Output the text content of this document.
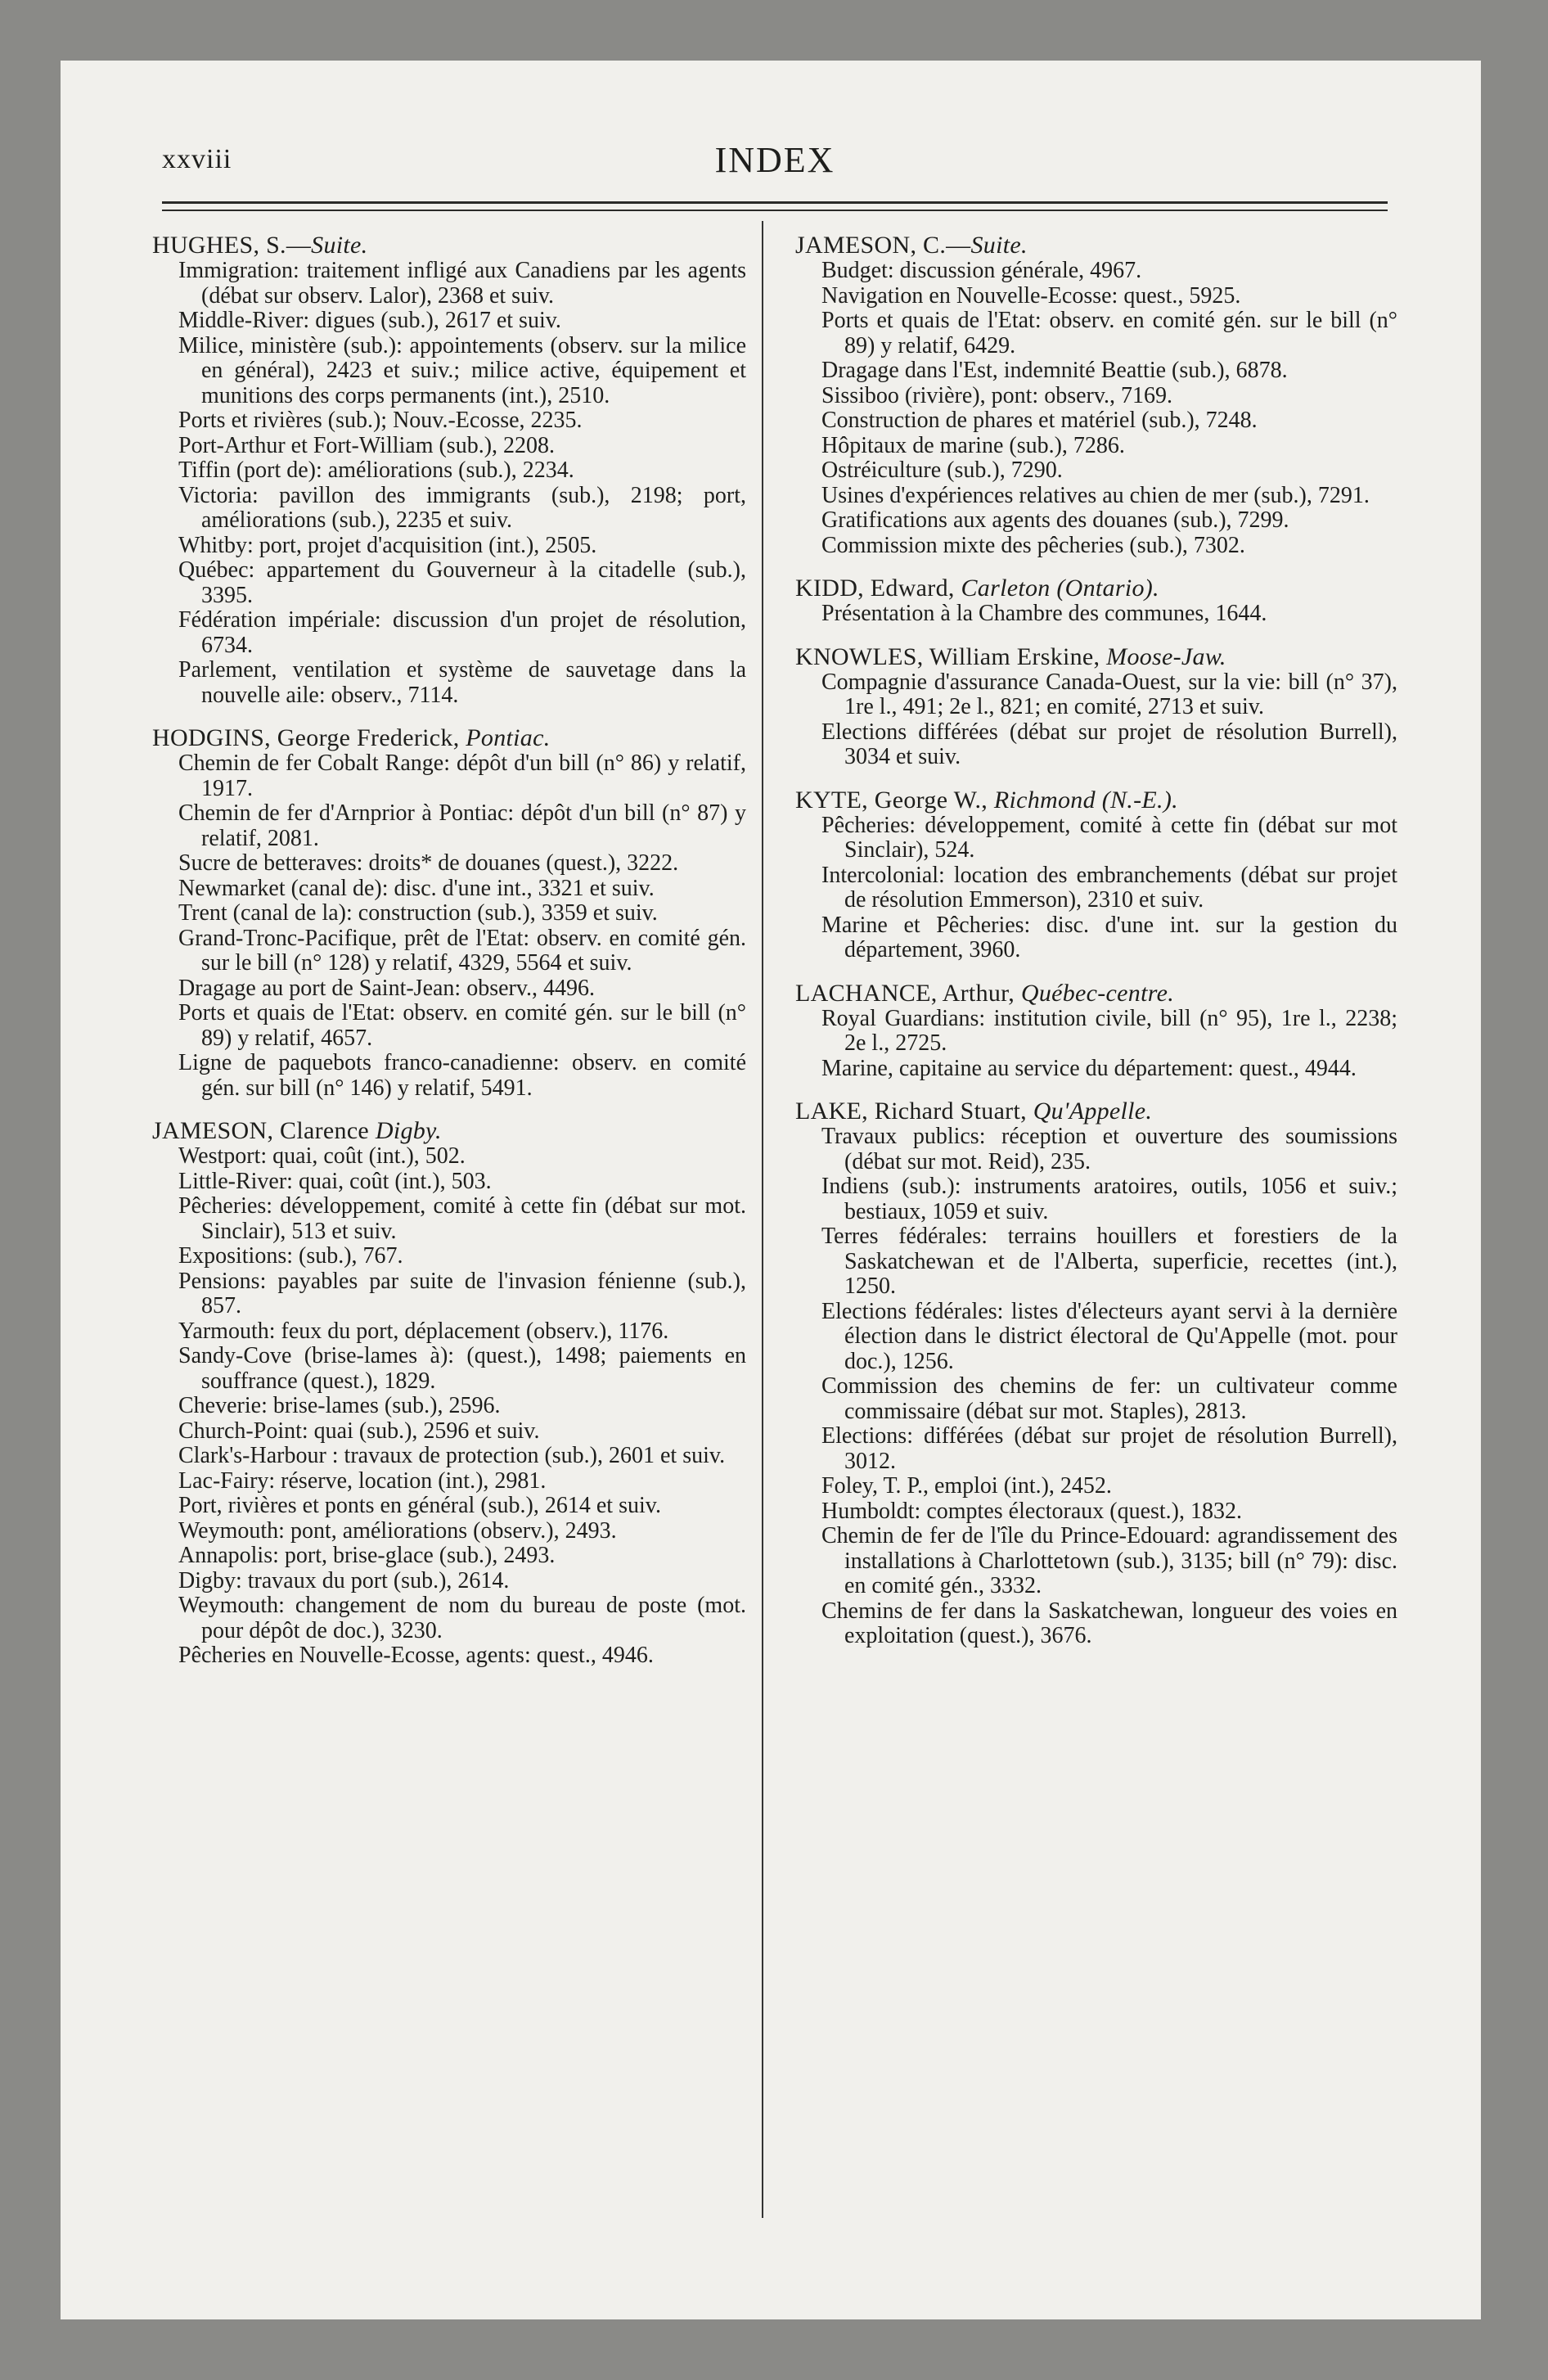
xxviii	INDEX
HUGHES, S.—Suite.
Immigration: traitement infligé aux Canadiens par les agents (débat sur observ. Lalor), 2368 et suiv.
Middle-River: digues (sub.), 2617 et suiv.
Milice, ministère (sub.): appointements (observ. sur la milice en général), 2423 et suiv.; milice active, équipement et munitions des corps permanents (int.), 2510.
Ports et rivières (sub.); Nouv.-Ecosse, 2235.
Port-Arthur et Fort-William (sub.), 2208.
Tiffin (port de): améliorations (sub.), 2234.
Victoria: pavillon des immigrants (sub.), 2198; port, améliorations (sub.), 2235 et suiv.
Whitby: port, projet d'acquisition (int.), 2505.
Québec: appartement du Gouverneur à la citadelle (sub.), 3395.
Fédération impériale: discussion d'un projet de résolution, 6734.
Parlement, ventilation et système de sauvetage dans la nouvelle aile: observ., 7114.
HODGINS, George Frederick, Pontiac.
Chemin de fer Cobalt Range: dépôt d'un bill (n° 86) y relatif, 1917.
Chemin de fer d'Arnprior à Pontiac: dépôt d'un bill (n° 87) y relatif, 2081.
Sucre de betteraves: droits* de douanes (quest.), 3222.
Newmarket (canal de): disc. d'une int., 3321 et suiv.
Trent (canal de la): construction (sub.), 3359 et suiv.
Grand-Tronc-Pacifique, prêt de l'Etat: observ. en comité gén. sur le bill (n° 128) y relatif, 4329, 5564 et suiv.
Dragage au port de Saint-Jean: observ., 4496.
Ports et quais de l'Etat: observ. en comité gén. sur le bill (n° 89) y relatif, 4657.
Ligne de paquebots franco-canadienne: observ. en comité gén. sur bill (n° 146) y relatif, 5491.
JAMESON, Clarence Digby.
Westport: quai, coût (int.), 502.
Little-River: quai, coût (int.), 503.
Pêcheries: développement, comité à cette fin (débat sur mot. Sinclair), 513 et suiv.
Expositions: (sub.), 767.
Pensions: payables par suite de l'invasion fénienne (sub.), 857.
Yarmouth: feux du port, déplacement (observ.), 1176.
Sandy-Cove (brise-lames à): (quest.), 1498; paiements en souffrance (quest.), 1829.
Cheverie: brise-lames (sub.), 2596.
Church-Point: quai (sub.), 2596 et suiv.
Clark's-Harbour : travaux de protection (sub.), 2601 et suiv.
Lac-Fairy: réserve, location (int.), 2981.
Port, rivières et ponts en général (sub.), 2614 et suiv.
Weymouth: pont, améliorations (observ.), 2493.
Annapolis: port, brise-glace (sub.), 2493.
Digby: travaux du port (sub.), 2614.
Weymouth: changement de nom du bureau de poste (mot. pour dépôt de doc.), 3230.
Pêcheries en Nouvelle-Ecosse, agents: quest., 4946.
JAMESON, C.—Suite.
Budget: discussion générale, 4967.
Navigation en Nouvelle-Ecosse: quest., 5925.
Ports et quais de l'Etat: observ. en comité gén. sur le bill (n° 89) y relatif, 6429.
Dragage dans l'Est, indemnité Beattie (sub.), 6878.
Sissiboo (rivière), pont: observ., 7169.
Construction de phares et matériel (sub.), 7248.
Hôpitaux de marine (sub.), 7286.
Ostréiculture (sub.), 7290.
Usines d'expériences relatives au chien de mer (sub.), 7291.
Gratifications aux agents des douanes (sub.), 7299.
Commission mixte des pêcheries (sub.), 7302.
KIDD, Edward, Carleton (Ontario).
Présentation à la Chambre des communes, 1644.
KNOWLES, William Erskine, Moose-Jaw.
Compagnie d'assurance Canada-Ouest, sur la vie: bill (n° 37), 1re l., 491; 2e l., 821; en comité, 2713 et suiv.
Elections différées (débat sur projet de résolution Burrell), 3034 et suiv.
KYTE, George W., Richmond (N.-E.).
Pêcheries: développement, comité à cette fin (débat sur mot Sinclair), 524.
Intercolonial: location des embranchements (débat sur projet de résolution Emmerson), 2310 et suiv.
Marine et Pêcheries: disc. d'une int. sur la gestion du département, 3960.
LACHANCE, Arthur, Québec-centre.
Royal Guardians: institution civile, bill (n° 95), 1re l., 2238; 2e l., 2725.
Marine, capitaine au service du département: quest., 4944.
LAKE, Richard Stuart, Qu'Appelle.
Travaux publics: réception et ouverture des soumissions (débat sur mot. Reid), 235.
Indiens (sub.): instruments aratoires, outils, 1056 et suiv.; bestiaux, 1059 et suiv.
Terres fédérales: terrains houillers et forestiers de la Saskatchewan et de l'Alberta, superficie, recettes (int.), 1250.
Elections fédérales: listes d'électeurs ayant servi à la dernière élection dans le district électoral de Qu'Appelle (mot. pour doc.), 1256.
Commission des chemins de fer: un cultivateur comme commissaire (débat sur mot. Staples), 2813.
Elections: différées (débat sur projet de résolution Burrell), 3012.
Foley, T. P., emploi (int.), 2452.
Humboldt: comptes électoraux (quest.), 1832.
Chemin de fer de l'île du Prince-Edouard: agrandissement des installations à Charlottetown (sub.), 3135; bill (n° 79): disc. en comité gén., 3332.
Chemins de fer dans la Saskatchewan, longueur des voies en exploitation (quest.), 3676.
